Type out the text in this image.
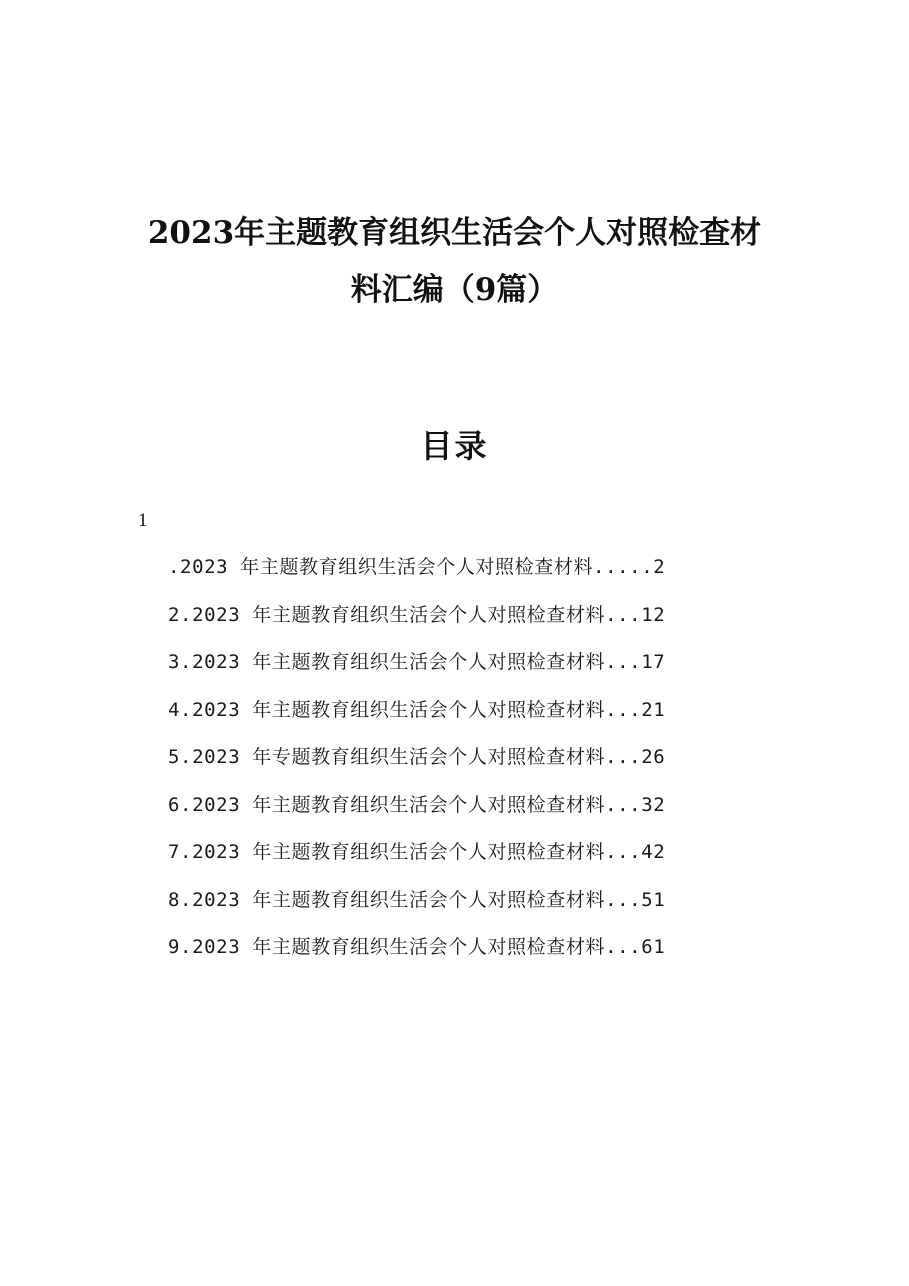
2023年主题教育组织生活会个人对照检查材
料汇编（9篇）
目录
1
.2023 年主题教育组织生活会个人对照检查材料.....2
2.2023 年主题教育组织生活会个人对照检查材料...12
3.2023 年主题教育组织生活会个人对照检查材料...17
4.2023 年主题教育组织生活会个人对照检查材料...21
5.2023 年专题教育组织生活会个人对照检查材料...26
6.2023 年主题教育组织生活会个人对照检查材料...32
7.2023 年主题教育组织生活会个人对照检查材料...42
8.2023 年主题教育组织生活会个人对照检查材料...51
9.2023 年主题教育组织生活会个人对照检查材料...61
